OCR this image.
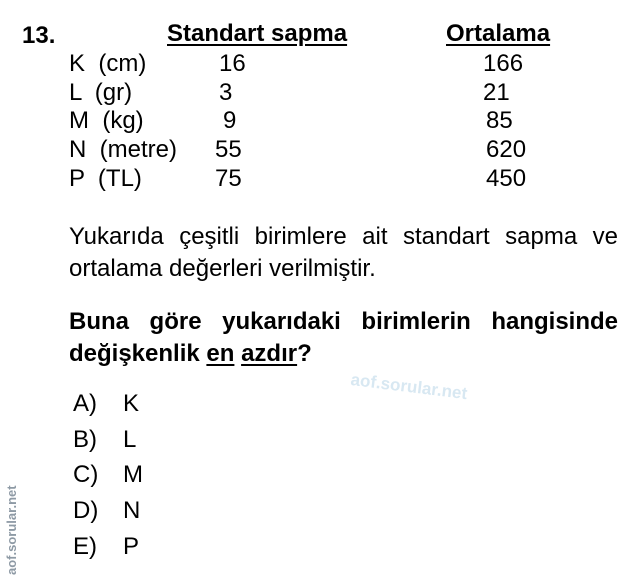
13.	Standart sapma	Ortalama
K  (cm)	16	166
L  (gr)	3	21
M  (kg)	9	85
N  (metre) 55	620
P  (TL)	75	450
Yukarıda çeşitli birimlere ait standart sapma ve
ortalama değerleri verilmiştir.
Buna göre yukarıdaki birimlerin hangisinde
değişkenlik en azdır?
A) K
B) L
C) M
D) N
E) P
aof.sorular.net
aof.sorular.net
